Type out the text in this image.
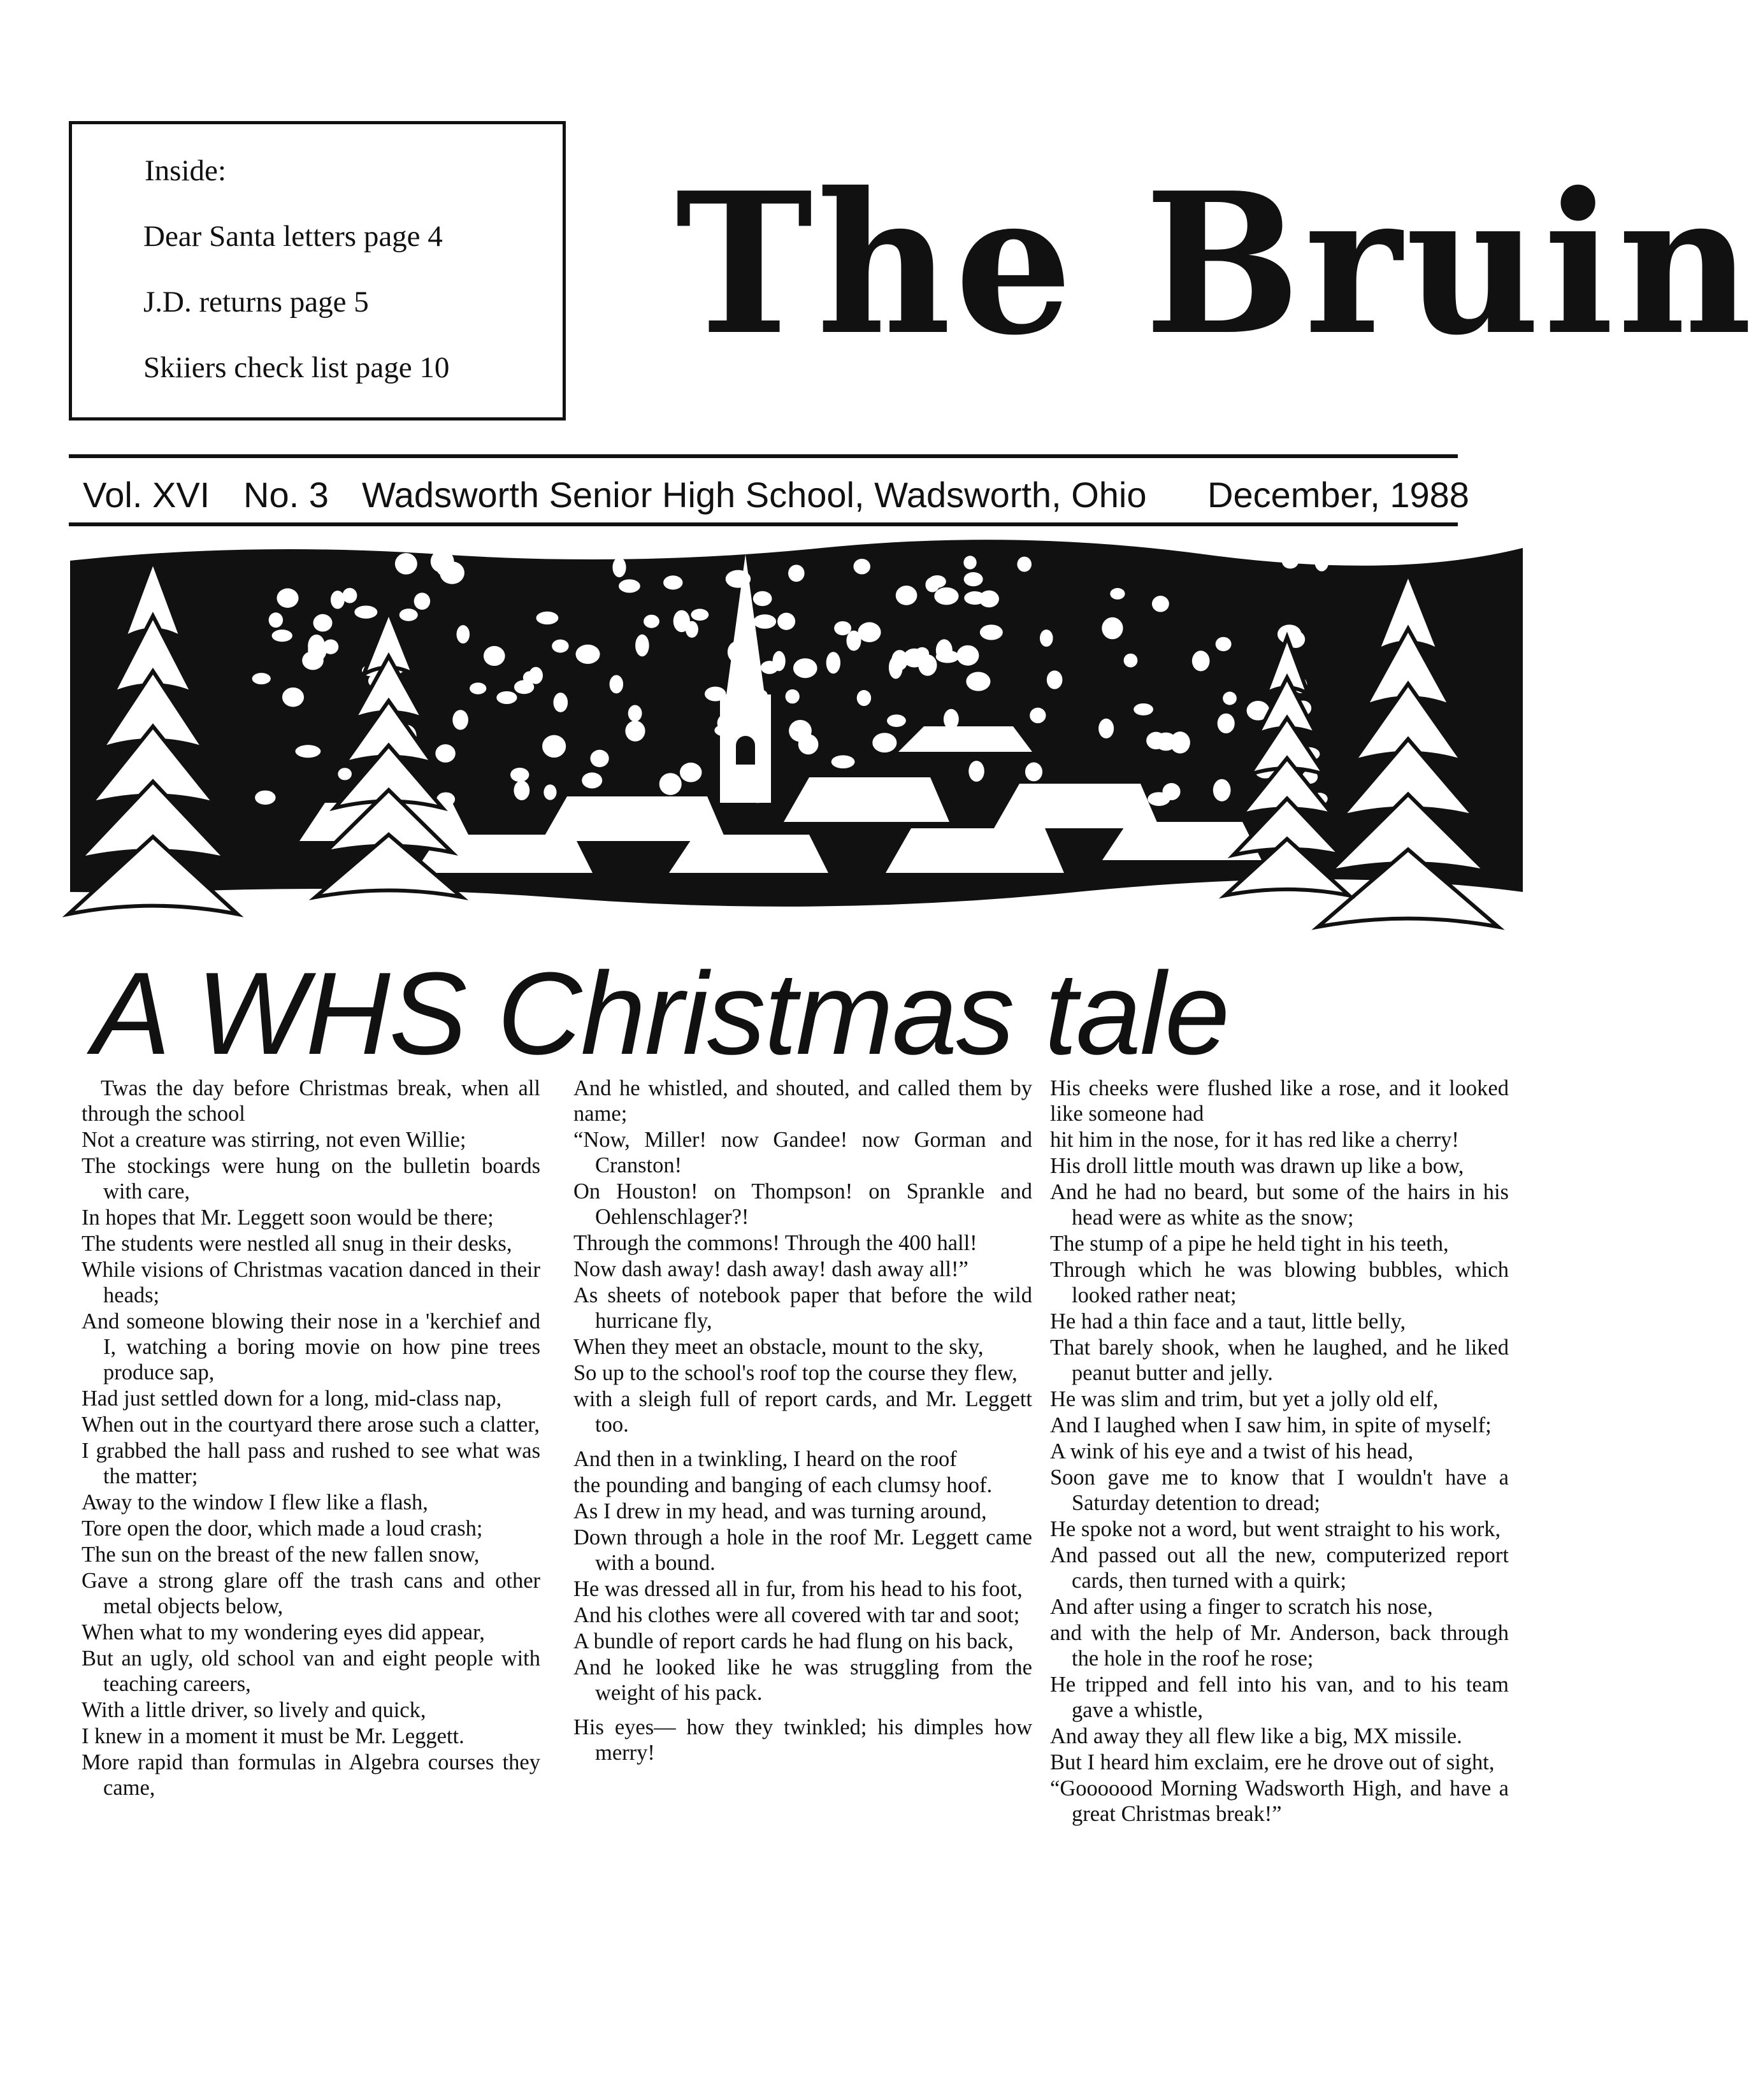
Inside:
Dear Santa letters page 4
J.D. returns page 5
Skiiers check list page 10	The Bruin
Vol. XVI No. 3 Wadsworth Senior High School, Wadsworth, Ohio December, 1988
A WHS Christmas tale
Twas the day before Christmas break, when all through the school
Not a creature was stirring, not even Willie;
The stockings were hung on the bulletin boards with care,
In hopes that Mr. Leggett soon would be there;
The students were nestled all snug in their desks,
While visions of Christmas vacation danced in their heads;
And someone blowing their nose in a 'kerchief and I, watching a boring movie on how pine trees produce sap,
Had just settled down for a long, mid-class nap,
When out in the courtyard there arose such a clatter,
I grabbed the hall pass and rushed to see what was the matter;
Away to the window I flew like a flash,
Tore open the door, which made a loud crash;
The sun on the breast of the new fallen snow,
Gave a strong glare off the trash cans and other metal objects below,
When what to my wondering eyes did appear,
But an ugly, old school van and eight people with teaching careers,
With a little driver, so lively and quick,
I knew in a moment it must be Mr. Leggett.
More rapid than formulas in Algebra courses they came,
And he whistled, and shouted, and called them by name;
“Now, Miller! now Gandee! now Gorman and Cranston!
On Houston! on Thompson! on Sprankle and Oehlenschlager?!
Through the commons! Through the 400 hall!
Now dash away! dash away! dash away all!”
As sheets of notebook paper that before the wild hurricane fly,
When they meet an obstacle, mount to the sky,
So up to the school's roof top the course they flew,
with a sleigh full of report cards, and Mr. Leggett too.
And then in a twinkling, I heard on the roof
the pounding and banging of each clumsy hoof.
As I drew in my head, and was turning around,
Down through a hole in the roof Mr. Leggett came with a bound.
He was dressed all in fur, from his head to his foot,
And his clothes were all covered with tar and soot;
A bundle of report cards he had flung on his back,
And he looked like he was struggling from the weight of his pack.
His eyes— how they twinkled; his dimples how merry!
His cheeks were flushed like a rose, and it looked like someone had
hit him in the nose, for it has red like a cherry!
His droll little mouth was drawn up like a bow,
And he had no beard, but some of the hairs in his head were as white as the snow;
The stump of a pipe he held tight in his teeth,
Through which he was blowing bubbles, which looked rather neat;
He had a thin face and a taut, little belly,
That barely shook, when he laughed, and he liked peanut butter and jelly.
He was slim and trim, but yet a jolly old elf,
And I laughed when I saw him, in spite of myself;
A wink of his eye and a twist of his head,
Soon gave me to know that I wouldn't have a Saturday detention to dread;
He spoke not a word, but went straight to his work,
And passed out all the new, computerized report cards, then turned with a quirk;
And after using a finger to scratch his nose,
and with the help of Mr. Anderson, back through the hole in the roof he rose;
He tripped and fell into his van, and to his team gave a whistle,
And away they all flew like a big, MX missile.
But I heard him exclaim, ere he drove out of sight,
“Gooooood Morning Wadsworth High, and have a great Christmas break!”
